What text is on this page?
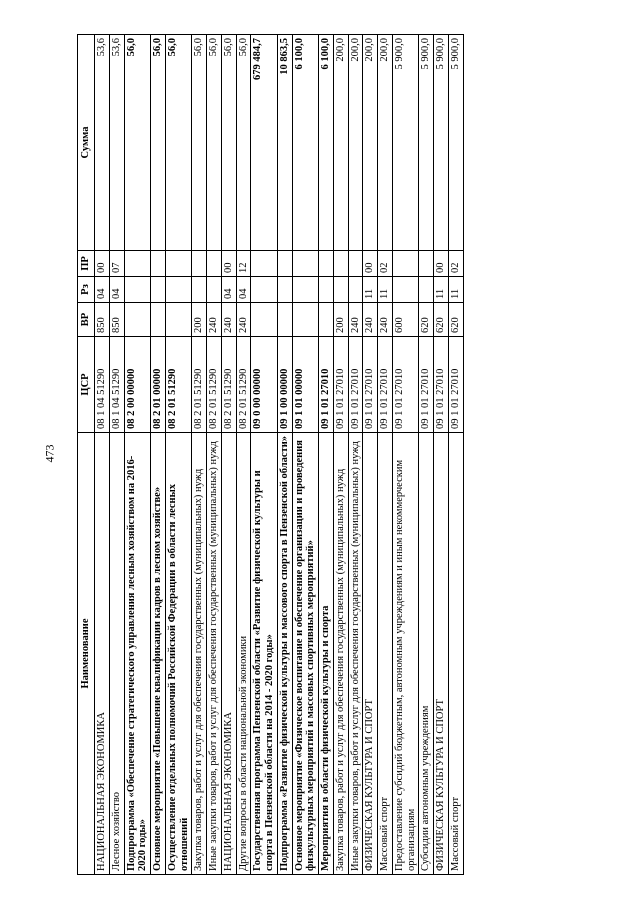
473
Наименование	ЦСР	ВР	Рз	ПР	Сумма
НАЦИОНАЛЬНАЯ ЭКОНОМИКА	08 1 04 51290	850	04	00	53,6
Лесное хозяйство	08 1 04 51290	850	04	07	53,6
Подпрограмма «Обеспечение стратегического управления лесным хозяйством на 2016-2020 годы»	08 2 00 00000				56,0
Основное мероприятие «Повышение квалификации кадров в лесном хозяйстве»	08 2 01 00000				56,0
Осуществление отдельных полномочий Российской Федерации в области лесных отношений	08 2 01 51290				56,0
Закупка товаров, работ и услуг для обеспечения государственных (муниципальных) нужд	08 2 01 51290	200			56,0
Иные закупки товаров, работ и услуг для обеспечения государственных (муниципальных) нужд	08 2 01 51290	240			56,0
НАЦИОНАЛЬНАЯ ЭКОНОМИКА	08 2 01 51290	240	04	00	56,0
Другие вопросы в области национальной экономики	08 2 01 51290	240	04	12	56,0
Государственная программа Пензенской области «Развитие физической культуры и спорта в Пензенской области на 2014 - 2020 годы»	09 0 00 00000				679 484,7
Подпрограмма «Развитие физической культуры и массового спорта в Пензенской области»	09 1 00 00000				10 863,5
Основное мероприятие «Физическое воспитание и обеспечение организации и проведения физкультурных мероприятий и массовых спортивных мероприятий»	09 1 01 00000				6 100,0
Мероприятия в области физической культуры и спорта	09 1 01 27010				6 100,0
Закупка товаров, работ и услуг для обеспечения государственных (муниципальных) нужд	09 1 01 27010	200			200,0
Иные закупки товаров, работ и услуг для обеспечения государственных (муниципальных) нужд	09 1 01 27010	240			200,0
ФИЗИЧЕСКАЯ КУЛЬТУРА И СПОРТ	09 1 01 27010	240	11	00	200,0
Массовый спорт	09 1 01 27010	240	11	02	200,0
Предоставление субсидий бюджетным, автономным учреждениям и иным некоммерческим организациям	09 1 01 27010	600			5 900,0
Субсидии автономным учреждениям	09 1 01 27010	620			5 900,0
ФИЗИЧЕСКАЯ КУЛЬТУРА И СПОРТ	09 1 01 27010	620	11	00	5 900,0
Массовый спорт	09 1 01 27010	620	11	02	5 900,0
